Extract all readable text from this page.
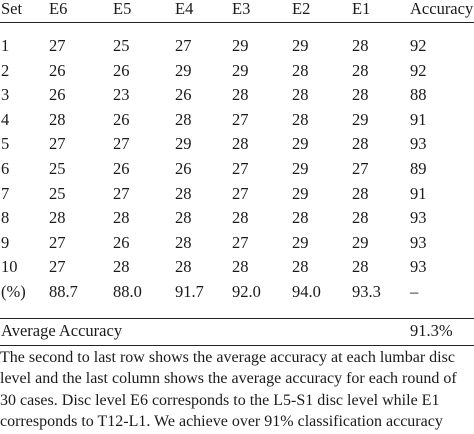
Set E6	E5	E4 E3	E2	E1 Accuracy
1 27	25	27 29	29	28	92
2 26	26	29 29	28	28	92
3 26	23	26 28	28	28	88
4 28	26	28 27	28	29	91
5 27	27	29 28	29	28	93
6 25	26	26 27	29	27	89
7 25	27	28 27	29	28	91
8 28	28	28 28	28	28	93
9 27	26	28 27	29	29	93
10 27	28	28 28	28	28	93
(%) 88.7 88.0 91.7 92.0 94.0 93.3 –
Average Accuracy	91.3%
The second to last row shows the average accuracy at each lumbar disc
level and the last column shows the average accuracy for each round of
30 cases. Disc level E6 corresponds to the L5-S1 disc level while E1
corresponds to T12-L1. We achieve over 91% classification accuracy
